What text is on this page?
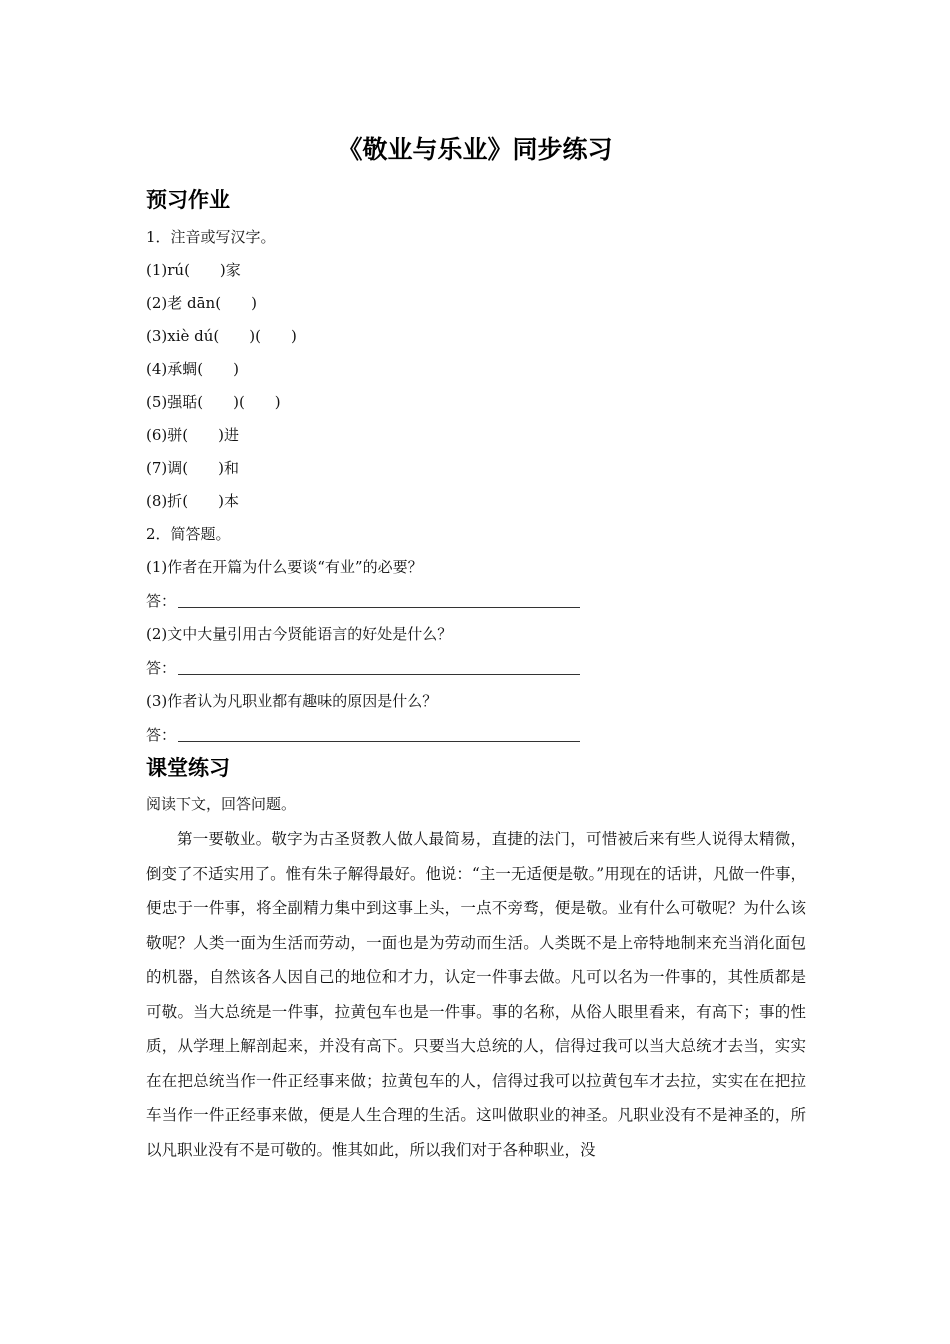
《敬业与乐业》同步练习
预习作业
1．注音或写汉字。
(1)rú(　　)家
(2)老 dān(　　)
(3)xiè dú(　　)(　　)
(4)承蜩(　　)
(5)强聒(　　)(　　)
(6)骈(　　)进
(7)调(　　)和
(8)折(　　)本
2．简答题。
(1)作者在开篇为什么要谈“有业”的必要？
答：
(2)文中大量引用古今贤能语言的好处是什么？
答：
(3)作者认为凡职业都有趣味的原因是什么？
答：
课堂练习
阅读下文，回答问题。
第一要敬业。敬字为古圣贤教人做人最简易，直捷的法门，可惜被后来有些人说得太精微，倒变了不适实用了。惟有朱子解得最好。他说：“主一无适便是敬。”用现在的话讲，凡做一件事，便忠于一件事，将全副精力集中到这事上头，一点不旁骛，便是敬。业有什么可敬呢？为什么该敬呢？人类一面为生活而劳动，一面也是为劳动而生活。人类既不是上帝特地制来充当消化面包的机器，自然该各人因自己的地位和才力，认定一件事去做。凡可以名为一件事的，其性质都是可敬。当大总统是一件事，拉黄包车也是一件事。事的名称，从俗人眼里看来，有高下；事的性质，从学理上解剖起来，并没有高下。只要当大总统的人，信得过我可以当大总统才去当，实实在在把总统当作一件正经事来做；拉黄包车的人，信得过我可以拉黄包车才去拉，实实在在把拉车当作一件正经事来做，便是人生合理的生活。这叫做职业的神圣。凡职业没有不是神圣的，所以凡职业没有不是可敬的。惟其如此，所以我们对于各种职业，没
